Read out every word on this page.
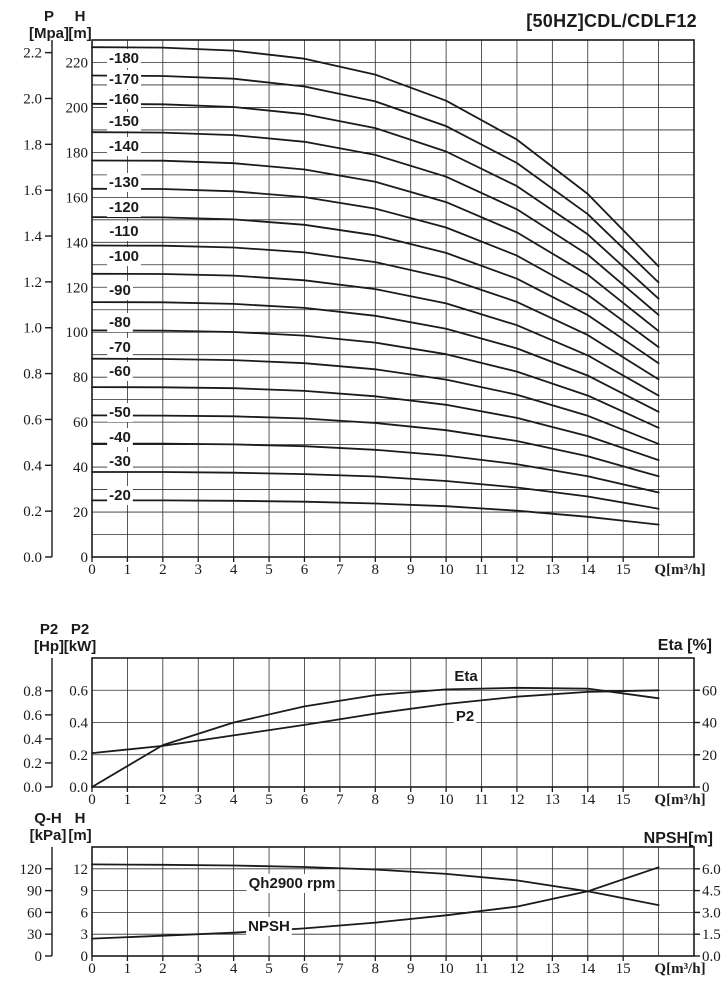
0.0
0.2
0.4
0.6
0.8
1.0
1.2
1.4
1.6
1.8
2.0
2.2
P
[Mpa]
0
20
40
60
80
100
120
140
160
180
200
220
H
[m]
0 1 2 3 4 5 6 7 8 9 10 11 12 13 14 15 Q[m³/h]
-180
-170
-160
-150
-140
-130
-120
-110
-100
-90
-80
-70
-60
-50
-40
-30
-20
0.0
0.2
0.4
0.6
0.8
P2
[Hp]
0.0
0.2
0.4
0.6
P2
[kW]
0
20
40
60
Eta [%]
0 1 2 3 4 5 6 7 8 9 10 11 12 13 14 15 Q[m³/h]
Eta
P2
0
30
60
90
120
Q-H
[kPa]
0
3
6
9
12
H
[m]
0.0
1.5
3.0
4.5
6.0
NPSH[m]
0 1 2 3 4 5 6 7 8 9 10 11 12 13 14 15 Q[m³/h]
Qh2900 rpm
NPSH
[50HZ]CDL/CDLF12
